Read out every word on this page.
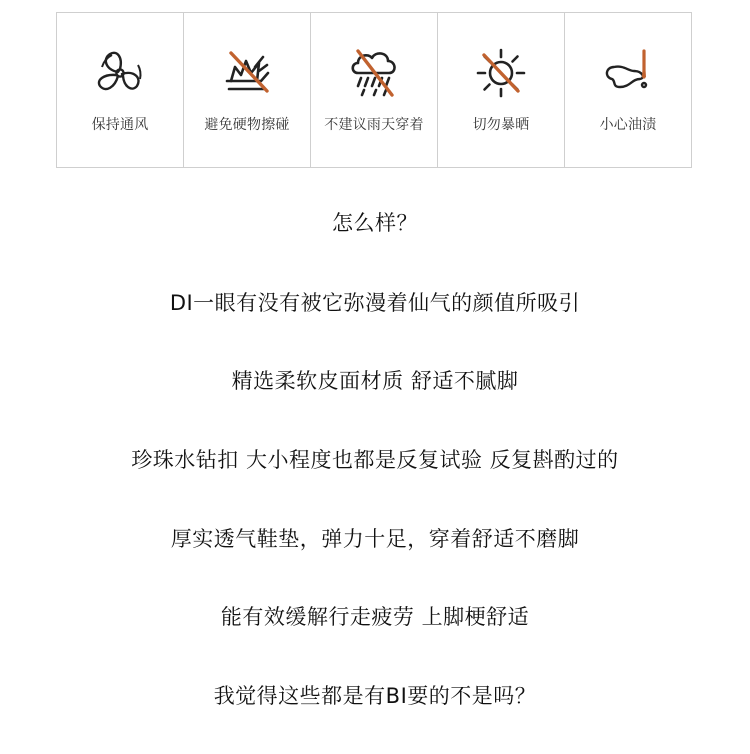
保持通风	避免硬物擦碰	不建议雨天穿着	切勿暴晒	小心油渍
怎么样？
DI一眼有没有被它弥漫着仙气的颜值所吸引
精选柔软皮面材质 舒适不腻脚
珍珠水钻扣 大小程度也都是反复试验 反复斟酌过的
厚实透气鞋垫，弹力十足，穿着舒适不磨脚
能有效缓解行走疲劳 上脚梗舒适
我觉得这些都是有BI要的不是吗？
